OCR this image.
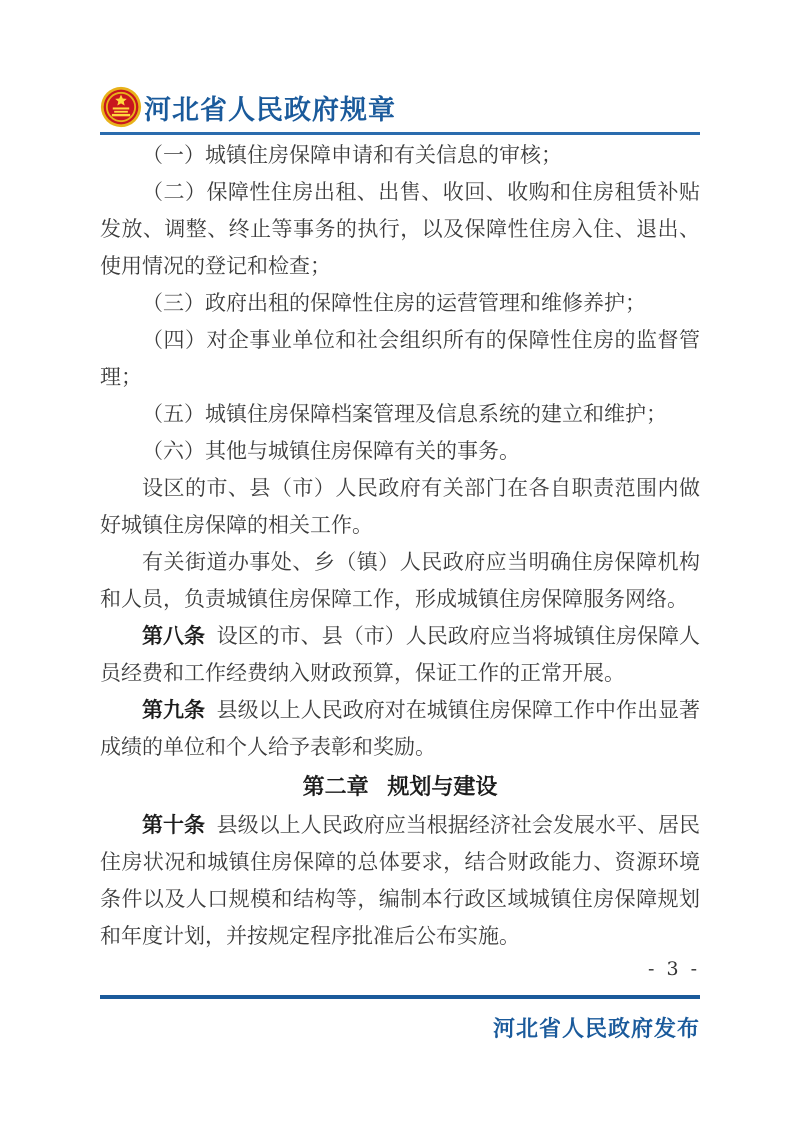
河北省人民政府规章

（一）城镇住房保障申请和有关信息的审核；

（二）保障性住房出租、出售、收回、收购和住房租赁补贴发放、调整、终止等事务的执行，以及保障性住房入住、退出、使用情况的登记和检查；

（三）政府出租的保障性住房的运营管理和维修养护；

（四）对企事业单位和社会组织所有的保障性住房的监督管理；

（五）城镇住房保障档案管理及信息系统的建立和维护；

（六）其他与城镇住房保障有关的事务。

设区的市、县（市）人民政府有关部门在各自职责范围内做好城镇住房保障的相关工作。

有关街道办事处、乡（镇）人民政府应当明确住房保障机构和人员，负责城镇住房保障工作，形成城镇住房保障服务网络。

第八条 设区的市、县（市）人民政府应当将城镇住房保障人员经费和工作经费纳入财政预算，保证工作的正常开展。

第九条 县级以上人民政府对在城镇住房保障工作中作出显著成绩的单位和个人给予表彰和奖励。

第二章 规划与建设

第十条 县级以上人民政府应当根据经济社会发展水平、居民住房状况和城镇住房保障的总体要求，结合财政能力、资源环境条件以及人口规模和结构等，编制本行政区域城镇住房保障规划和年度计划，并按规定程序批准后公布实施。

- 3 -
河北省人民政府发布
